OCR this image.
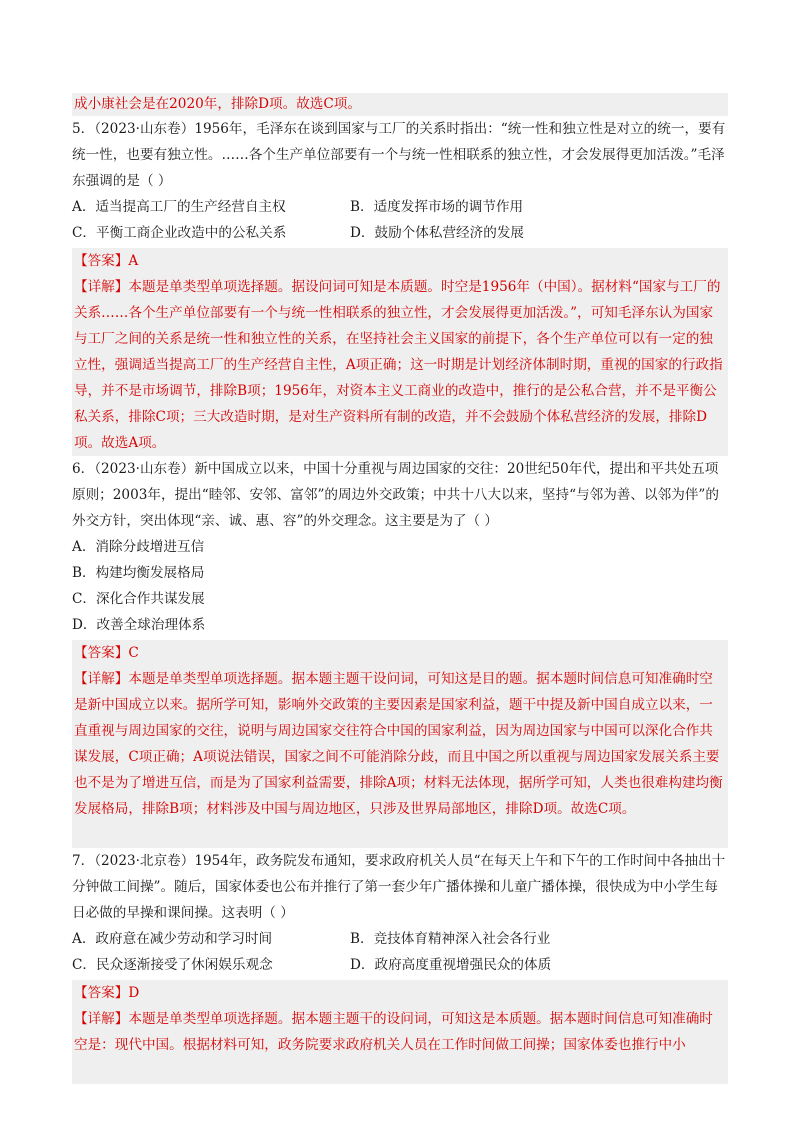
成小康社会是在2020年，排除D项。故选C项。
5．（2023·山东卷）1956年，毛泽东在谈到国家与工厂的关系时指出：“统一性和独立性是对立的统一，要有统一性，也要有独立性。……各个生产单位部要有一个与统一性相联系的独立性，才会发展得更加活泼。”毛泽东强调的是（ ）
A．适当提高工厂的生产经营自主权	B．适度发挥市场的调节作用
C．平衡工商企业改造中的公私关系	D．鼓励个体私营经济的发展
【答案】A
【详解】本题是单类型单项选择题。据设问词可知是本质题。时空是1956年（中国）。据材料“国家与工厂的关系……各个生产单位部要有一个与统一性相联系的独立性，才会发展得更加活泼。”，可知毛泽东认为国家与工厂之间的关系是统一性和独立性的关系，在坚持社会主义国家的前提下，各个生产单位可以有一定的独立性，强调适当提高工厂的生产经营自主性，A项正确；这一时期是计划经济体制时期，重视的国家的行政指导，并不是市场调节，排除B项；1956年，对资本主义工商业的改造中，推行的是公私合营，并不是平衡公私关系，排除C项；三大改造时期，是对生产资料所有制的改造，并不会鼓励个体私营经济的发展，排除D项。故选A项。
6．（2023·山东卷）新中国成立以来，中国十分重视与周边国家的交往：20世纪50年代，提出和平共处五项原则；2003年，提出“睦邻、安邻、富邻”的周边外交政策；中共十八大以来，坚持“与邻为善、以邻为伴”的外交方针，突出体现“亲、诚、惠、容”的外交理念。这主要是为了（ ）
A．消除分歧增进互信
B．构建均衡发展格局
C．深化合作共谋发展
D．改善全球治理体系
【答案】C
【详解】本题是单类型单项选择题。据本题主题干设问词，可知这是目的题。据本题时间信息可知准确时空是新中国成立以来。据所学可知，影响外交政策的主要因素是国家利益，题干中提及新中国自成立以来，一直重视与周边国家的交往，说明与周边国家交往符合中国的国家利益，因为周边国家与中国可以深化合作共谋发展，C项正确；A项说法错误，国家之间不可能消除分歧，而且中国之所以重视与周边国家发展关系主要也不是为了增进互信，而是为了国家利益需要，排除A项；材料无法体现，据所学可知，人类也很难构建均衡发展格局，排除B项；材料涉及中国与周边地区，只涉及世界局部地区，排除D项。故选C项。
7．（2023·北京卷）1954年，政务院发布通知，要求政府机关人员“在每天上午和下午的工作时间中各抽出十分钟做工间操”。随后，国家体委也公布并推行了第一套少年广播体操和儿童广播体操，很快成为中小学生每日必做的早操和课间操。这表明（ ）
A．政府意在减少劳动和学习时间	B．竞技体育精神深入社会各行业
C．民众逐渐接受了休闲娱乐观念	D．政府高度重视增强民众的体质
【答案】D
【详解】本题是单类型单项选择题。据本题主题干的设问词，可知这是本质题。据本题时间信息可知准确时空是：现代中国。根据材料可知，政务院要求政府机关人员在工作时间做工间操；国家体委也推行中小
